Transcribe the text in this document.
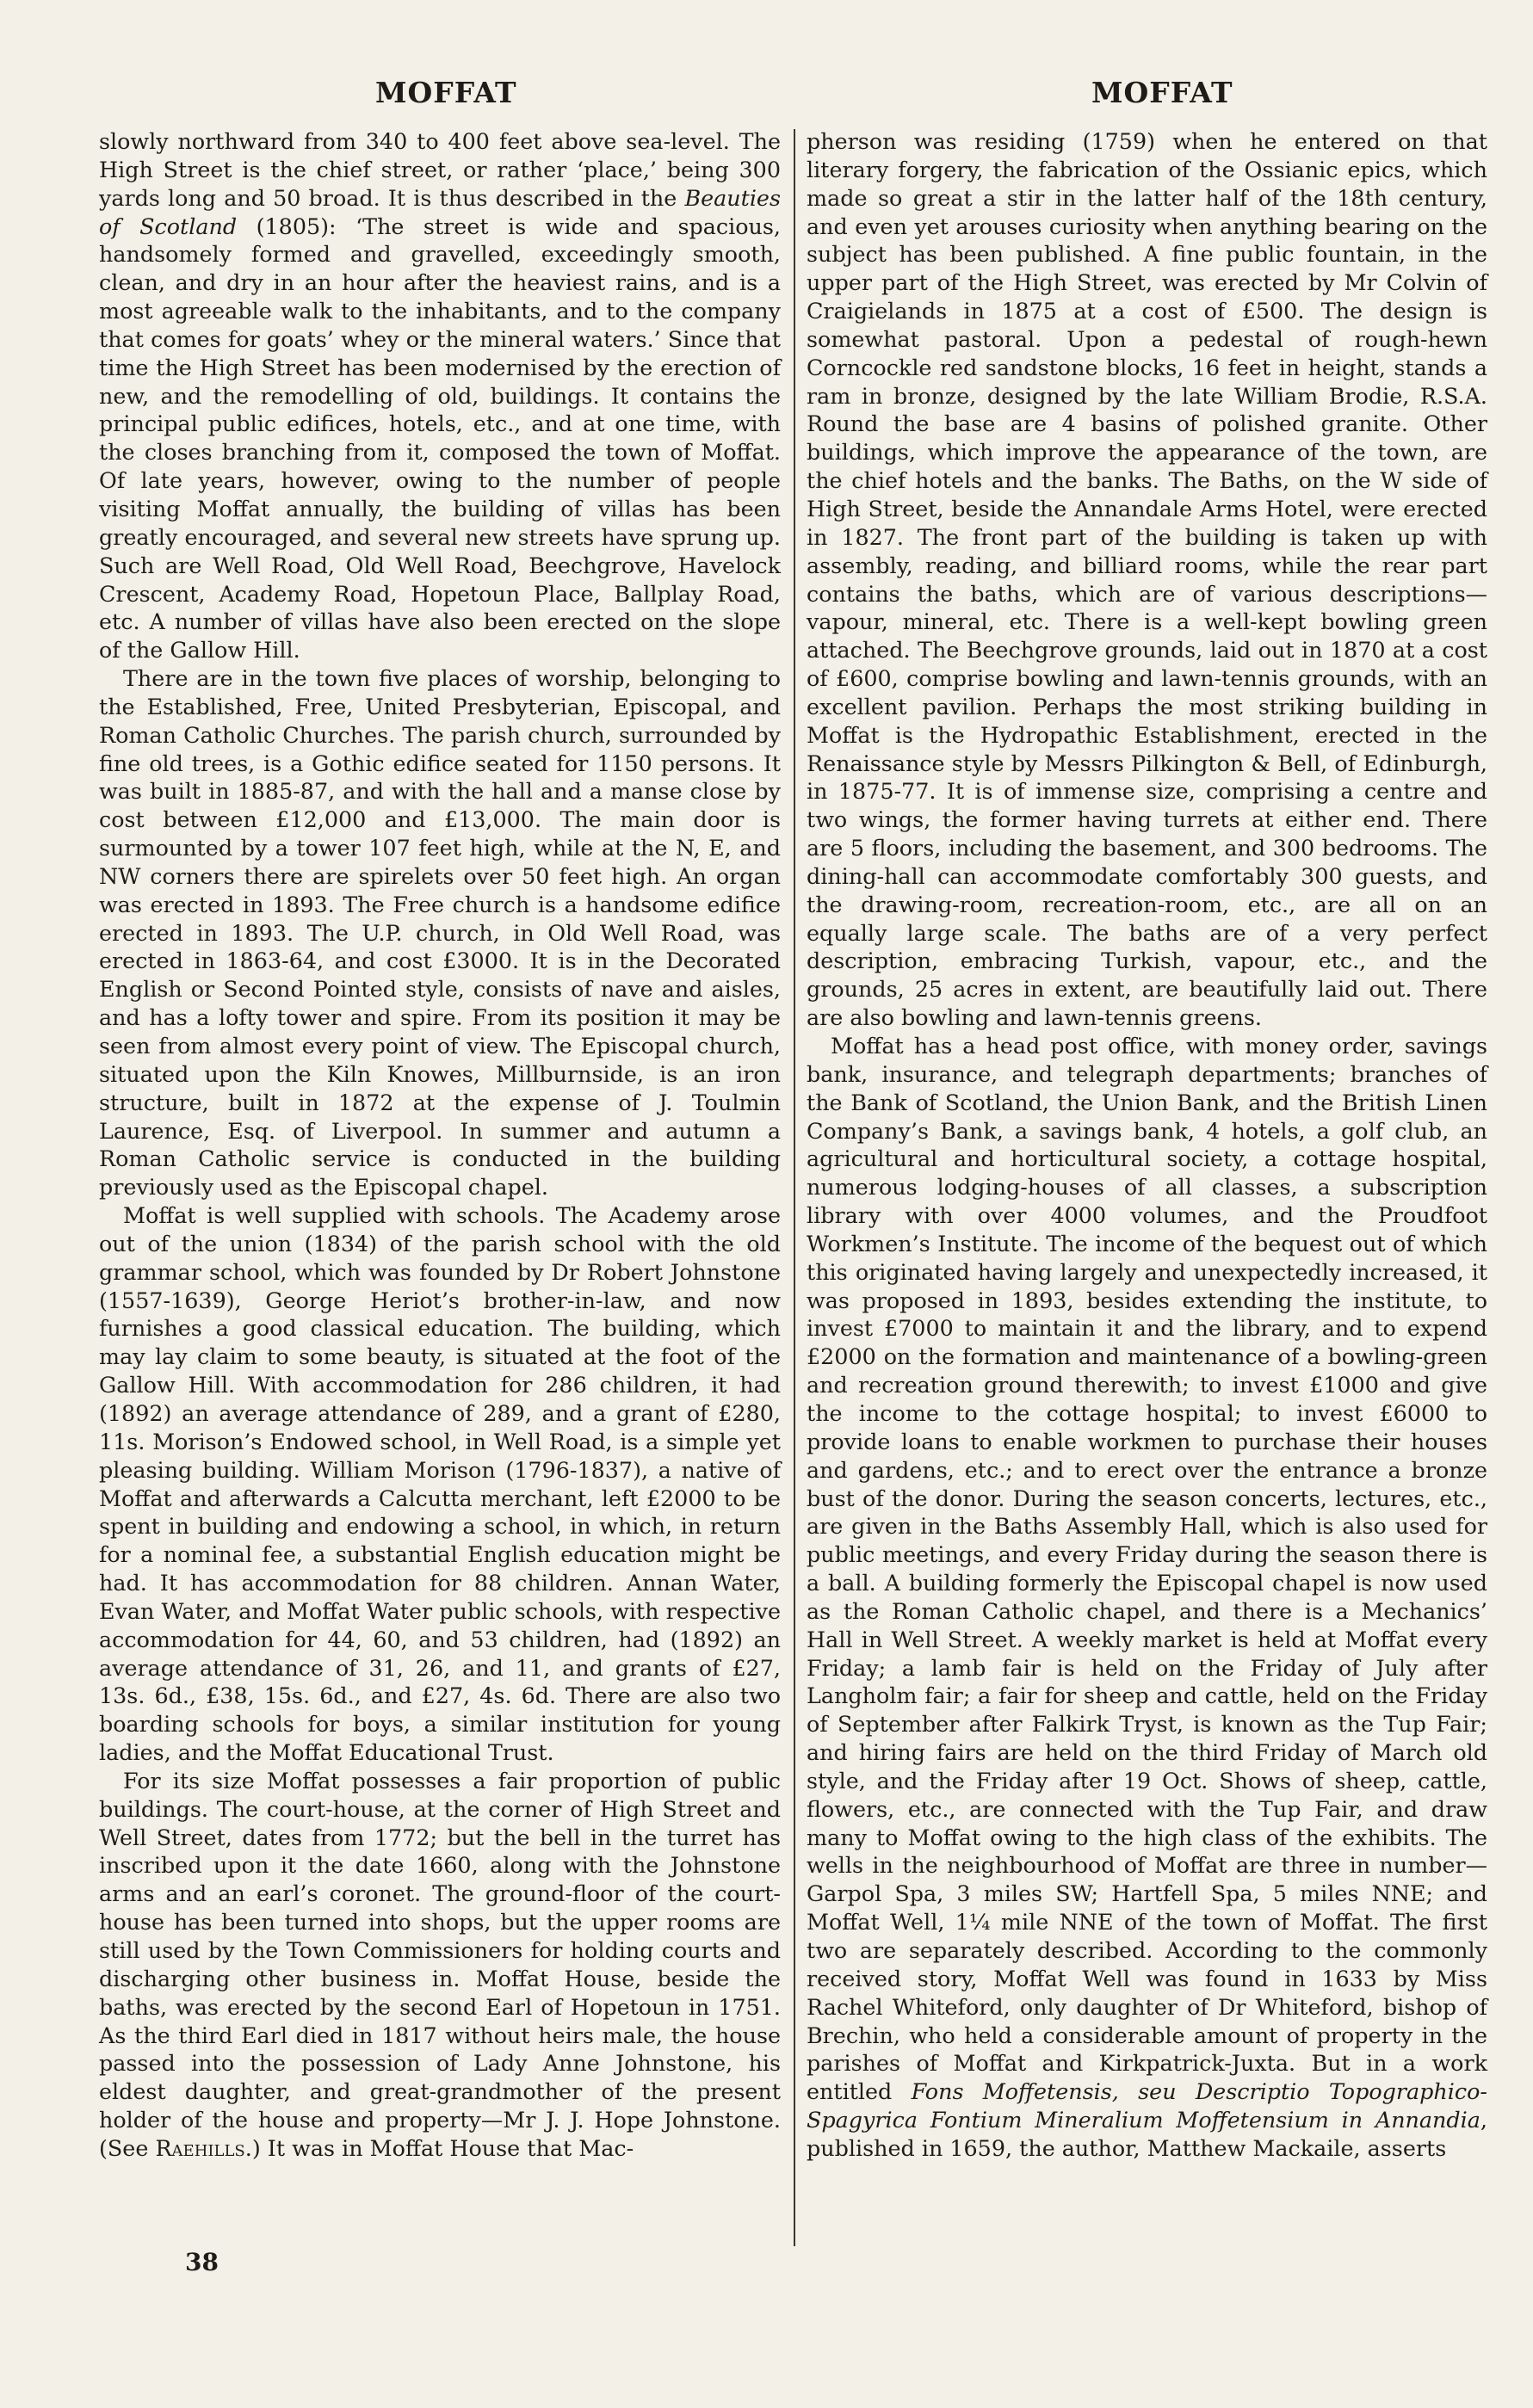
MOFFAT	MOFFAT

slowly northward from 340 to 400 feet above sea-level. The High Street is the chief street, or rather ‘place,’ being 300 yards long and 50 broad. It is thus described in the Beauties of Scotland (1805): ‘The street is wide and spacious, handsomely formed and gravelled, exceedingly smooth, clean, and dry in an hour after the heaviest rains, and is a most agreeable walk to the inhabitants, and to the company that comes for goats’ whey or the mineral waters.’ Since that time the High Street has been modernised by the erection of new, and the remodelling of old, buildings. It contains the principal public edifices, hotels, etc., and at one time, with the closes branching from it, composed the town of Moffat. Of late years, however, owing to the number of people visiting Moffat annually, the building of villas has been greatly encouraged, and several new streets have sprung up. Such are Well Road, Old Well Road, Beechgrove, Havelock Crescent, Academy Road, Hopetoun Place, Ballplay Road, etc. A number of villas have also been erected on the slope of the Gallow Hill.

There are in the town five places of worship, belonging to the Established, Free, United Presbyterian, Episcopal, and Roman Catholic Churches. The parish church, surrounded by fine old trees, is a Gothic edifice seated for 1150 persons. It was built in 1885-87, and with the hall and a manse close by cost between £12,000 and £13,000. The main door is surmounted by a tower 107 feet high, while at the N, E, and NW corners there are spirelets over 50 feet high. An organ was erected in 1893. The Free church is a handsome edifice erected in 1893. The U.P. church, in Old Well Road, was erected in 1863-64, and cost £3000. It is in the Decorated English or Second Pointed style, consists of nave and aisles, and has a lofty tower and spire. From its position it may be seen from almost every point of view. The Episcopal church, situated upon the Kiln Knowes, Millburnside, is an iron structure, built in 1872 at the expense of J. Toulmin Laurence, Esq. of Liverpool. In summer and autumn a Roman Catholic service is conducted in the building previously used as the Episcopal chapel.

Moffat is well supplied with schools. The Academy arose out of the union (1834) of the parish school with the old grammar school, which was founded by Dr Robert Johnstone (1557-1639), George Heriot’s brother-in-law, and now furnishes a good classical education. The building, which may lay claim to some beauty, is situated at the foot of the Gallow Hill. With accommodation for 286 children, it had (1892) an average attendance of 289, and a grant of £280, 11s. Morison’s Endowed school, in Well Road, is a simple yet pleasing building. William Morison (1796-1837), a native of Moffat and afterwards a Calcutta merchant, left £2000 to be spent in building and endowing a school, in which, in return for a nominal fee, a substantial English education might be had. It has accommodation for 88 children. Annan Water, Evan Water, and Moffat Water public schools, with respective accommodation for 44, 60, and 53 children, had (1892) an average attendance of 31, 26, and 11, and grants of £27, 13s. 6d., £38, 15s. 6d., and £27, 4s. 6d. There are also two boarding schools for boys, a similar institution for young ladies, and the Moffat Educational Trust.

For its size Moffat possesses a fair proportion of public buildings. The court-house, at the corner of High Street and Well Street, dates from 1772; but the bell in the turret has inscribed upon it the date 1660, along with the Johnstone arms and an earl’s coronet. The ground-floor of the court-house has been turned into shops, but the upper rooms are still used by the Town Commissioners for holding courts and discharging other business in. Moffat House, beside the baths, was erected by the second Earl of Hopetoun in 1751. As the third Earl died in 1817 without heirs male, the house passed into the possession of Lady Anne Johnstone, his eldest daughter, and great-grandmother of the present holder of the house and property—Mr J. J. Hope Johnstone. (See Raehills.) It was in Moffat House that Mac-

pherson was residing (1759) when he entered on that literary forgery, the fabrication of the Ossianic epics, which made so great a stir in the latter half of the 18th century, and even yet arouses curiosity when anything bearing on the subject has been published. A fine public fountain, in the upper part of the High Street, was erected by Mr Colvin of Craigielands in 1875 at a cost of £500. The design is somewhat pastoral. Upon a pedestal of rough-hewn Corncockle red sandstone blocks, 16 feet in height, stands a ram in bronze, designed by the late William Brodie, R.S.A. Round the base are 4 basins of polished granite. Other buildings, which improve the appearance of the town, are the chief hotels and the banks. The Baths, on the W side of High Street, beside the Annandale Arms Hotel, were erected in 1827. The front part of the building is taken up with assembly, reading, and billiard rooms, while the rear part contains the baths, which are of various descriptions—vapour, mineral, etc. There is a well-kept bowling green attached. The Beechgrove grounds, laid out in 1870 at a cost of £600, comprise bowling and lawn-tennis grounds, with an excellent pavilion. Perhaps the most striking building in Moffat is the Hydropathic Establishment, erected in the Renaissance style by Messrs Pilkington & Bell, of Edinburgh, in 1875-77. It is of immense size, comprising a centre and two wings, the former having turrets at either end. There are 5 floors, including the basement, and 300 bedrooms. The dining-hall can accommodate comfortably 300 guests, and the drawing-room, recreation-room, etc., are all on an equally large scale. The baths are of a very perfect description, embracing Turkish, vapour, etc., and the grounds, 25 acres in extent, are beautifully laid out. There are also bowling and lawn-tennis greens.

Moffat has a head post office, with money order, savings bank, insurance, and telegraph departments; branches of the Bank of Scotland, the Union Bank, and the British Linen Company’s Bank, a savings bank, 4 hotels, a golf club, an agricultural and horticultural society, a cottage hospital, numerous lodging-houses of all classes, a subscription library with over 4000 volumes, and the Proudfoot Workmen’s Institute. The income of the bequest out of which this originated having largely and unexpectedly increased, it was proposed in 1893, besides extending the institute, to invest £7000 to maintain it and the library, and to expend £2000 on the formation and maintenance of a bowling-green and recreation ground therewith; to invest £1000 and give the income to the cottage hospital; to invest £6000 to provide loans to enable workmen to purchase their houses and gardens, etc.; and to erect over the entrance a bronze bust of the donor. During the season concerts, lectures, etc., are given in the Baths Assembly Hall, which is also used for public meetings, and every Friday during the season there is a ball. A building formerly the Episcopal chapel is now used as the Roman Catholic chapel, and there is a Mechanics’ Hall in Well Street. A weekly market is held at Moffat every Friday; a lamb fair is held on the Friday of July after Langholm fair; a fair for sheep and cattle, held on the Friday of September after Falkirk Tryst, is known as the Tup Fair; and hiring fairs are held on the third Friday of March old style, and the Friday after 19 Oct. Shows of sheep, cattle, flowers, etc., are connected with the Tup Fair, and draw many to Moffat owing to the high class of the exhibits. The wells in the neighbourhood of Moffat are three in number—Garpol Spa, 3 miles SW; Hartfell Spa, 5 miles NNE; and Moffat Well, 1¼ mile NNE of the town of Moffat. The first two are separately described. According to the commonly received story, Moffat Well was found in 1633 by Miss Rachel Whiteford, only daughter of Dr Whiteford, bishop of Brechin, who held a considerable amount of property in the parishes of Moffat and Kirkpatrick-Juxta. But in a work entitled Fons Moffetensis, seu Descriptio Topographico-Spagyrica Fontium Mineralium Moffetensium in Annandia, published in 1659, the author, Matthew Mackaile, asserts

38
